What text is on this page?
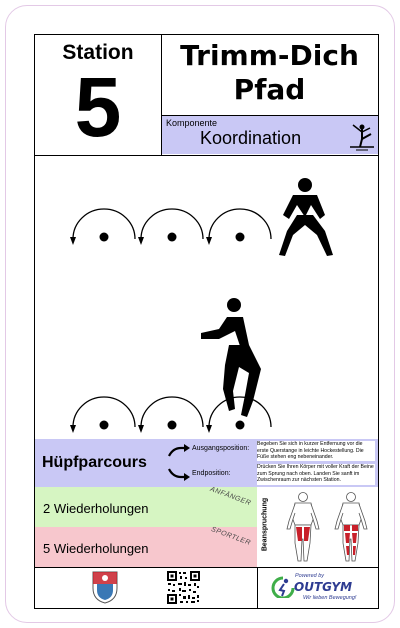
Station
5
Trimm-Dich
Pfad
Komponente
Koordination
Hüpfparcours
Ausgangsposition:
Endposition:
Begeben Sie sich in kurzer Entfernung vor die erste Querstange in leichte Hockestellung. Die Füße stehen eng nebeneinander.
Drücken Sie Ihren Körper mit voller Kraft der Beine zum Sprung nach oben. Landen Sie sanft im Zwischenraum zur nächsten Station.
2 Wiederholungen
ANFÄNGER
5 Wiederholungen
SPORTLER Beanspruchung
Powered by
OUTGYM
Wir lieben Bewegung!
